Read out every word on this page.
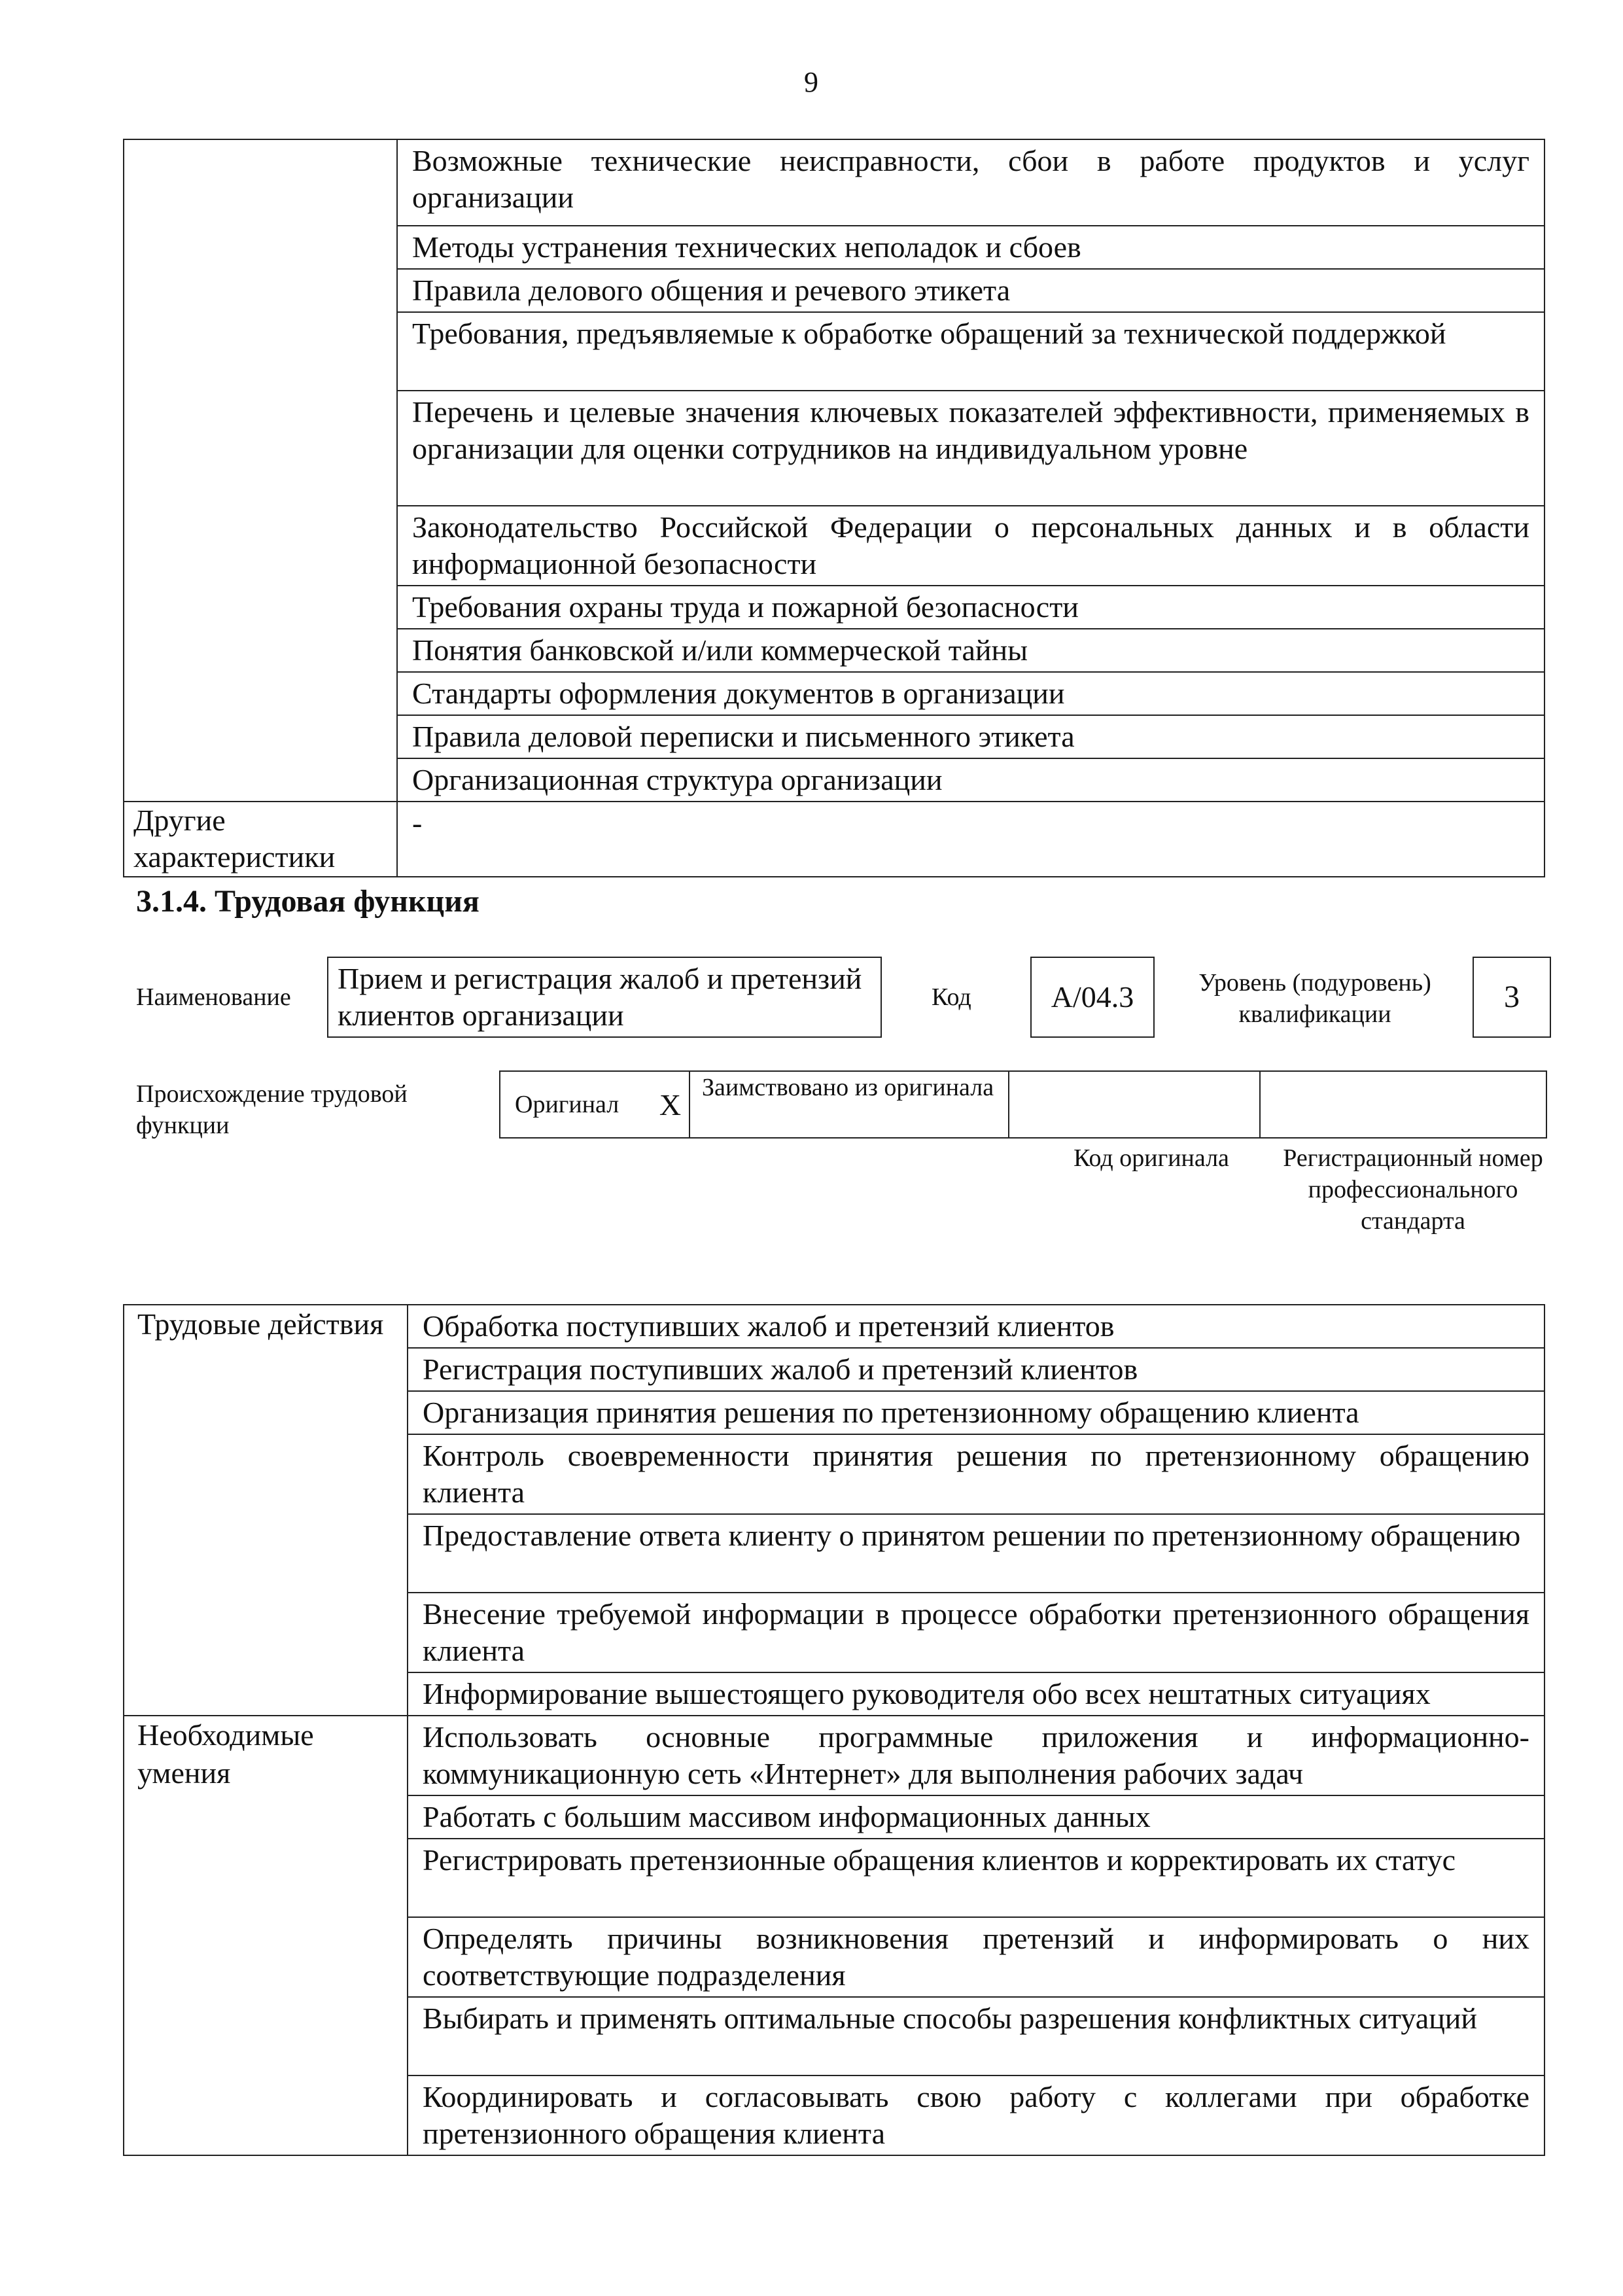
9
	Возможные технические неисправности, сбои в работе продуктов и услуг организации
	Методы устранения технических неполадок и сбоев
	Правила делового общения и речевого этикета
	Требования, предъявляемые к обработке обращений за технической поддержкой
	Перечень и целевые значения ключевых показателей эффективности, применяемых в организации для оценки сотрудников на индивидуальном уровне
	Законодательство Российской Федерации о персональных данных и в области информационной безопасности
	Требования охраны труда и пожарной безопасности
	Понятия банковской и/или коммерческой тайны
	Стандарты оформления документов в организации
	Правила деловой переписки и письменного этикета
	Организационная структура организации
Другие характеристики	-
3.1.4. Трудовая функция
Наименование
Прием и регистрация жалоб и претензий клиентов организации
Код	А/04.3	Уровень (подуровень) квалификации	3
Происхождение трудовой функции
Оригинал	X	Заимствовано из оригинала		
Код оригинала	Регистрационный номер профессионального стандарта
Трудовые действия	Обработка поступивших жалоб и претензий клиентов
	Регистрация поступивших жалоб и претензий клиентов
	Организация принятия решения по претензионному обращению клиента
	Контроль своевременности принятия решения по претензионному обращению клиента
	Предоставление ответа клиенту о принятом решении по претензионному обращению
	Внесение требуемой информации в процессе обработки претензионного обращения клиента
	Информирование вышестоящего руководителя обо всех нештатных ситуациях
Необходимые умения	Использовать основные программные приложения и информационно-коммуникационную сеть «Интернет» для выполнения рабочих задач
	Работать с большим массивом информационных данных
	Регистрировать претензионные обращения клиентов и корректировать их статус
	Определять причины возникновения претензий и информировать о них соответствующие подразделения
	Выбирать и применять оптимальные способы разрешения конфликтных ситуаций
	Координировать и согласовывать свою работу с коллегами при обработке претензионного обращения клиента
